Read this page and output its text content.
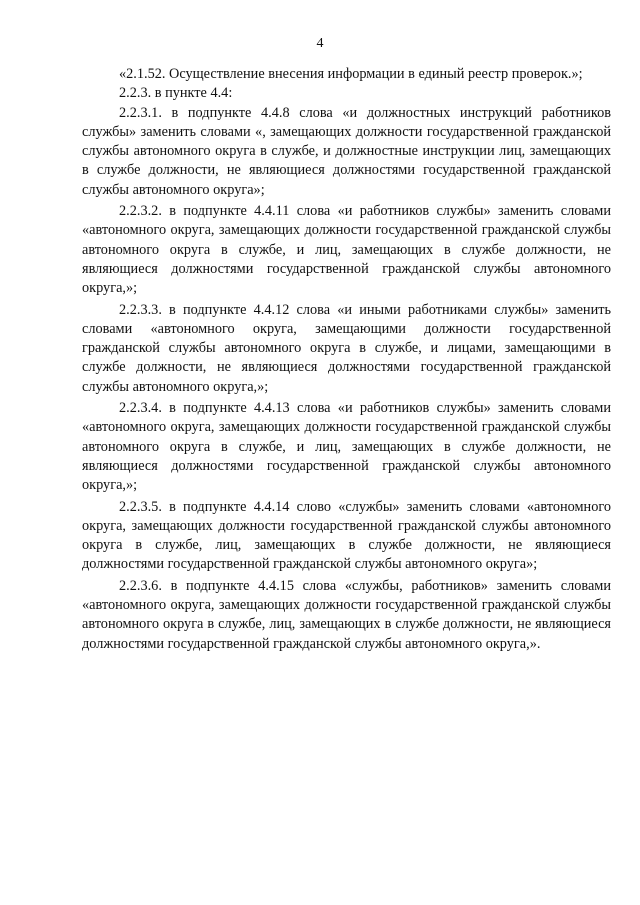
4

«2.1.52. Осуществление внесения информации в единый реестр проверок.»;

2.2.3. в пункте 4.4:

2.2.3.1. в подпункте 4.4.8 слова «и должностных инструкций работников службы» заменить словами «, замещающих должности государственной гражданской службы автономного округа в службе, и должностные инструкции лиц, замещающих в службе должности, не являющиеся должностями государственной гражданской службы автономного округа»;

2.2.3.2. в подпункте 4.4.11 слова «и работников службы» заменить словами «автономного округа, замещающих должности государственной гражданской службы автономного округа в службе, и лиц, замещающих в службе должности, не являющиеся должностями государственной гражданской службы автономного округа,»;

2.2.3.3. в подпункте 4.4.12 слова «и иными работниками службы» заменить словами «автономного округа, замещающими должности государственной гражданской службы автономного округа в службе, и лицами, замещающими в службе должности, не являющиеся должностями государственной гражданской службы автономного округа,»;

2.2.3.4. в подпункте 4.4.13 слова «и работников службы» заменить словами «автономного округа, замещающих должности государственной гражданской службы автономного округа в службе, и лиц, замещающих в службе должности, не являющиеся должностями государственной гражданской службы автономного округа,»;

2.2.3.5. в подпункте 4.4.14 слово «службы» заменить словами «автономного округа, замещающих должности государственной гражданской службы автономного округа в службе, лиц, замещающих в службе должности, не являющиеся должностями государственной гражданской службы автономного округа»;

2.2.3.6. в подпункте 4.4.15 слова «службы, работников» заменить словами «автономного округа, замещающих должности государственной гражданской службы автономного округа в службе, лиц, замещающих в службе должности, не являющиеся должностями государственной гражданской службы автономного округа,».
